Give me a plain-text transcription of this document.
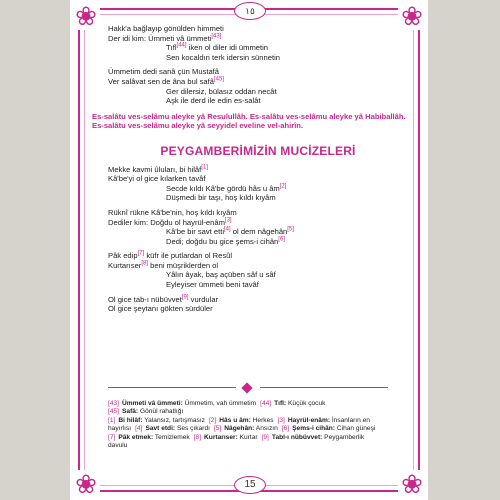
❀	❀
❀	❀
١٥
Hakk'a bağlayıp gönülden himmeti
Der idi kim: Ümmeti vâ ümmeti[43]
Tıfl[44] iken ol diler idi ümmetin
Sen kocaldın terk idersin sünnetin
Ümmetim dedi sanâ çün Mustafâ
Ver salâvat sen de âna bul safâ[45]
Ger dilersiz, bülasız oddan necât
Aşk ile derd ile edin es-salât
Es-salâtu ves-selâmu aleyke yâ Resulullâh. Es-salâtu ves-selâmu aleyke yâ Habiballâh. Es-salâtu ves-selâmu aleyke yâ seyyidel eveline vel-ahirîn.
PEYGAMBERİMİZİN MUCİZELERİ
Mekke kavmi ûluları, bi hilâf[1]
Kâ'be'yi ol gice kılarken tavâf
Secde kıldı Kâ'be gördü hâs u âm[2]
Düşmedi bir taşı, hoş kıldı kıyâm
Rüknî rükne Kâ'be'nin, hoş kıldı kıyâm
Dediler kim: Doğdu ol hayrül-enâm[3]
Kâ'be bir savt etti[4] ol dem nâgehân[5]
Dedi; doğdu bu gice şems-i cihân[6]
Pâk edip[7] küfr ile putlardan ol Resûl
Kurtarıser[8] beni müşriklerden ol
Yâlın âyak, baş açüben sâf u sâf
Eyleyiser ümmeti beni tavâf
Ol gice tab-ı nübüvvet[9] vurdular
Ol gice şeytanı gökten sürdüler
[43] Ümmeti vâ ümmeti: Ümmetim, vah ümmetim [44] Tıfl: Küçük çocuk
[45] Safâ: Gönül rahatlığı
[1] Bi hilâf: Yalansız, tartışmasız [2] Hâs u âm: Herkes [3] Hayrül-enâm: İnsanların en
hayırlısı [4] Savt etdi: Ses çıkardı [5] Nâgehân: Ansızın [6] Şems-i cihân: Cihan güneşi
[7] Pâk etmek: Temizlemek [8] Kurtarıser: Kurtar [9] Tabl-ı nübüvvet: Peygamberlik
davulu
15
